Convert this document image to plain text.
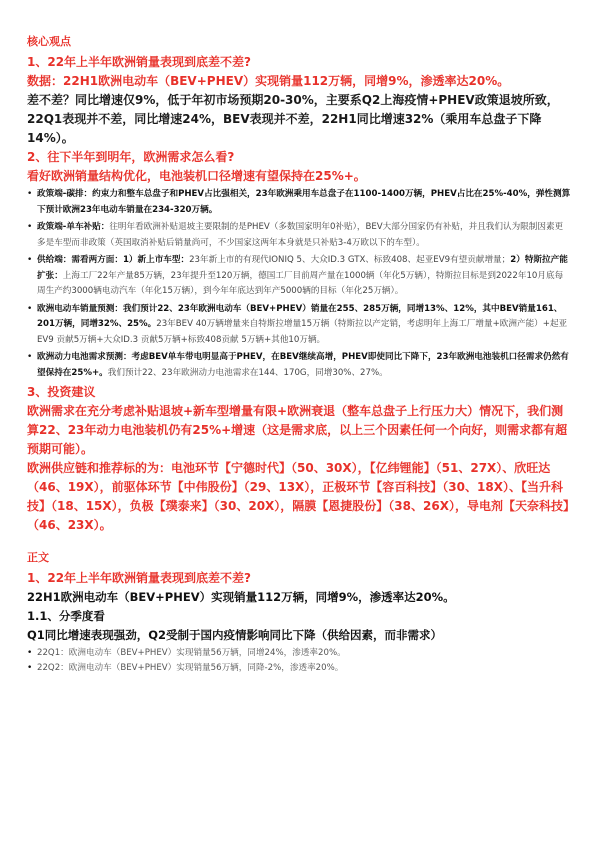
核心观点
1、22年上半年欧洲销量表现到底差不差?
数据：22H1欧洲电动车（BEV+PHEV）实现销量112万辆，同增9%，渗透率达20%。
差不差？同比增速仅9%，低于年初市场预期20-30%，主要系Q2上海疫情+PHEV政策退坡所致，22Q1表现并不差，同比增速24%，BEV表现并不差，22H1同比增速32%（乘用车总盘子下降14%）。
2、往下半年到明年，欧洲需求怎么看?
看好欧洲销量结构优化，电池装机口径增速有望保持在25%+。
• 政策端-碳排：约束力和整车总盘子和PHEV占比强相关，23年欧洲乘用车总盘子在1100-1400万辆，PHEV占比在25%-40%，弹性测算下预计欧洲23年电动车销量在234-320万辆。
• 政策端-单车补贴：往明年看欧洲补贴退坡主要限制的是PHEV（多数国家明年0补贴），BEV大部分国家仍有补贴，并且我们认为限制因素更多是车型而非政策（英国取消补贴后销量尚可，不少国家这两年本身就是只补贴3-4万欧以下的车型）。
• 供给端：需看两方面：1）新上市车型：23年新上市的有现代IONIQ 5、大众ID.3 GTX、标致408、起亚EV9有望贡献增量；2）特斯拉产能扩张：上海工厂22年产量85万辆，23年提升至120万辆，德国工厂目前周产量在1000辆（年化5万辆），特斯拉目标是到2022年10月底每周生产约3000辆电动汽车（年化15万辆），到今年年底达到年产5000辆的目标（年化25万辆）。
• 欧洲电动车销量预测：我们预计22、23年欧洲电动车（BEV+PHEV）销量在255、285万辆，同增13%、12%，其中BEV销量161、201万辆，同增32%、25%。23年BEV 40万辆增量来自特斯拉增量15万辆（特斯拉以产定销，考虑明年上海工厂增量+欧洲产能）+起亚EV9 贡献5万辆+大众ID.3 贡献5万辆+标致408贡献 5万辆+其他10万辆。
• 欧洲动力电池需求预测：考虑BEV单车带电明显高于PHEV，在BEV继续高增，PHEV即使同比下降下，23年欧洲电池装机口径需求仍然有望保持在25%+。我们预计22、23年欧洲动力电池需求在144、170G，同增30%、27%。
3、投资建议
欧洲需求在充分考虑补贴退坡+新车型增量有限+欧洲衰退（整车总盘子上行压力大）情况下，我们测算22、23年动力电池装机仍有25%+增速（这是需求底，以上三个因素任何一个向好，则需求都有超预期可能）。
欧洲供应链和推荐标的为：电池环节【宁德时代】（50、30X），【亿纬锂能】（51、27X）、欣旺达（46、19X），前驱体环节【中伟股份】（29、13X），正极环节【容百科技】（30、18X）、【当升科技】（18、15X），负极【璞泰来】（30、20X），隔膜【恩捷股份】（38、26X），导电剂【天奈科技】（46、23X）。
正文
1、22年上半年欧洲销量表现到底差不差?
22H1欧洲电动车（BEV+PHEV）实现销量112万辆，同增9%，渗透率达20%。
1.1、分季度看
Q1同比增速表现强劲，Q2受制于国内疫情影响同比下降（供给因素，而非需求）
• 22Q1：欧洲电动车（BEV+PHEV）实现销量56万辆，同增24%，渗透率20%。
• 22Q2：欧洲电动车（BEV+PHEV）实现销量56万辆，同降-2%，渗透率20%。
